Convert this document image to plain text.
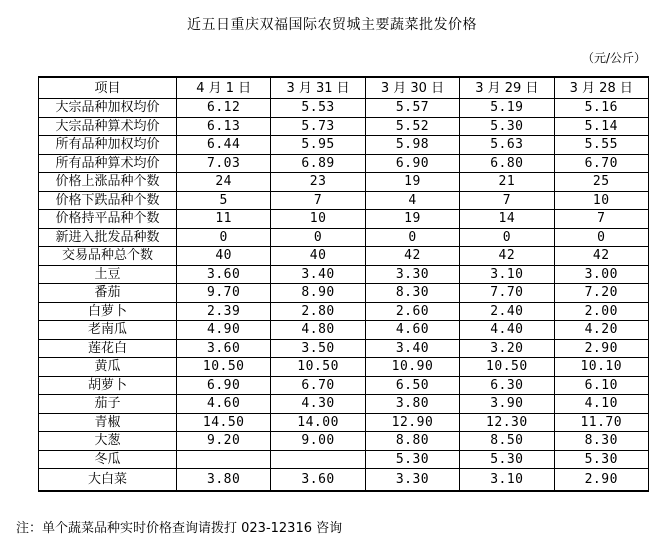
近五日重庆双福国际农贸城主要蔬菜批发价格
（元/公斤）
项目	4 月 1 日	3 月 31 日	3 月 30 日	3 月 29 日	3 月 28 日
大宗品种加权均价	6.12	5.53	5.57	5.19	5.16
大宗品种算术均价	6.13	5.73	5.52	5.30	5.14
所有品种加权均价	6.44	5.95	5.98	5.63	5.55
所有品种算术均价	7.03	6.89	6.90	6.80	6.70
价格上涨品种个数	24	23	19	21	25
价格下跌品种个数	5	7	4	7	10
价格持平品种个数	11	10	19	14	7
新进入批发品种数	0	0	0	0	0
交易品种总个数	40	40	42	42	42
土豆	3.60	3.40	3.30	3.10	3.00
番茄	9.70	8.90	8.30	7.70	7.20
白萝卜	2.39	2.80	2.60	2.40	2.00
老南瓜	4.90	4.80	4.60	4.40	4.20
莲花白	3.60	3.50	3.40	3.20	2.90
黄瓜	10.50	10.50	10.90	10.50	10.10
胡萝卜	6.90	6.70	6.50	6.30	6.10
茄子	4.60	4.30	3.80	3.90	4.10
青椒	14.50	14.00	12.90	12.30	11.70
大葱	9.20	9.00	8.80	8.50	8.30
冬瓜			5.30	5.30	5.30
大白菜	3.80	3.60	3.30	3.10	2.90
注：单个蔬菜品种实时价格查询请拨打 023-12316 咨询
